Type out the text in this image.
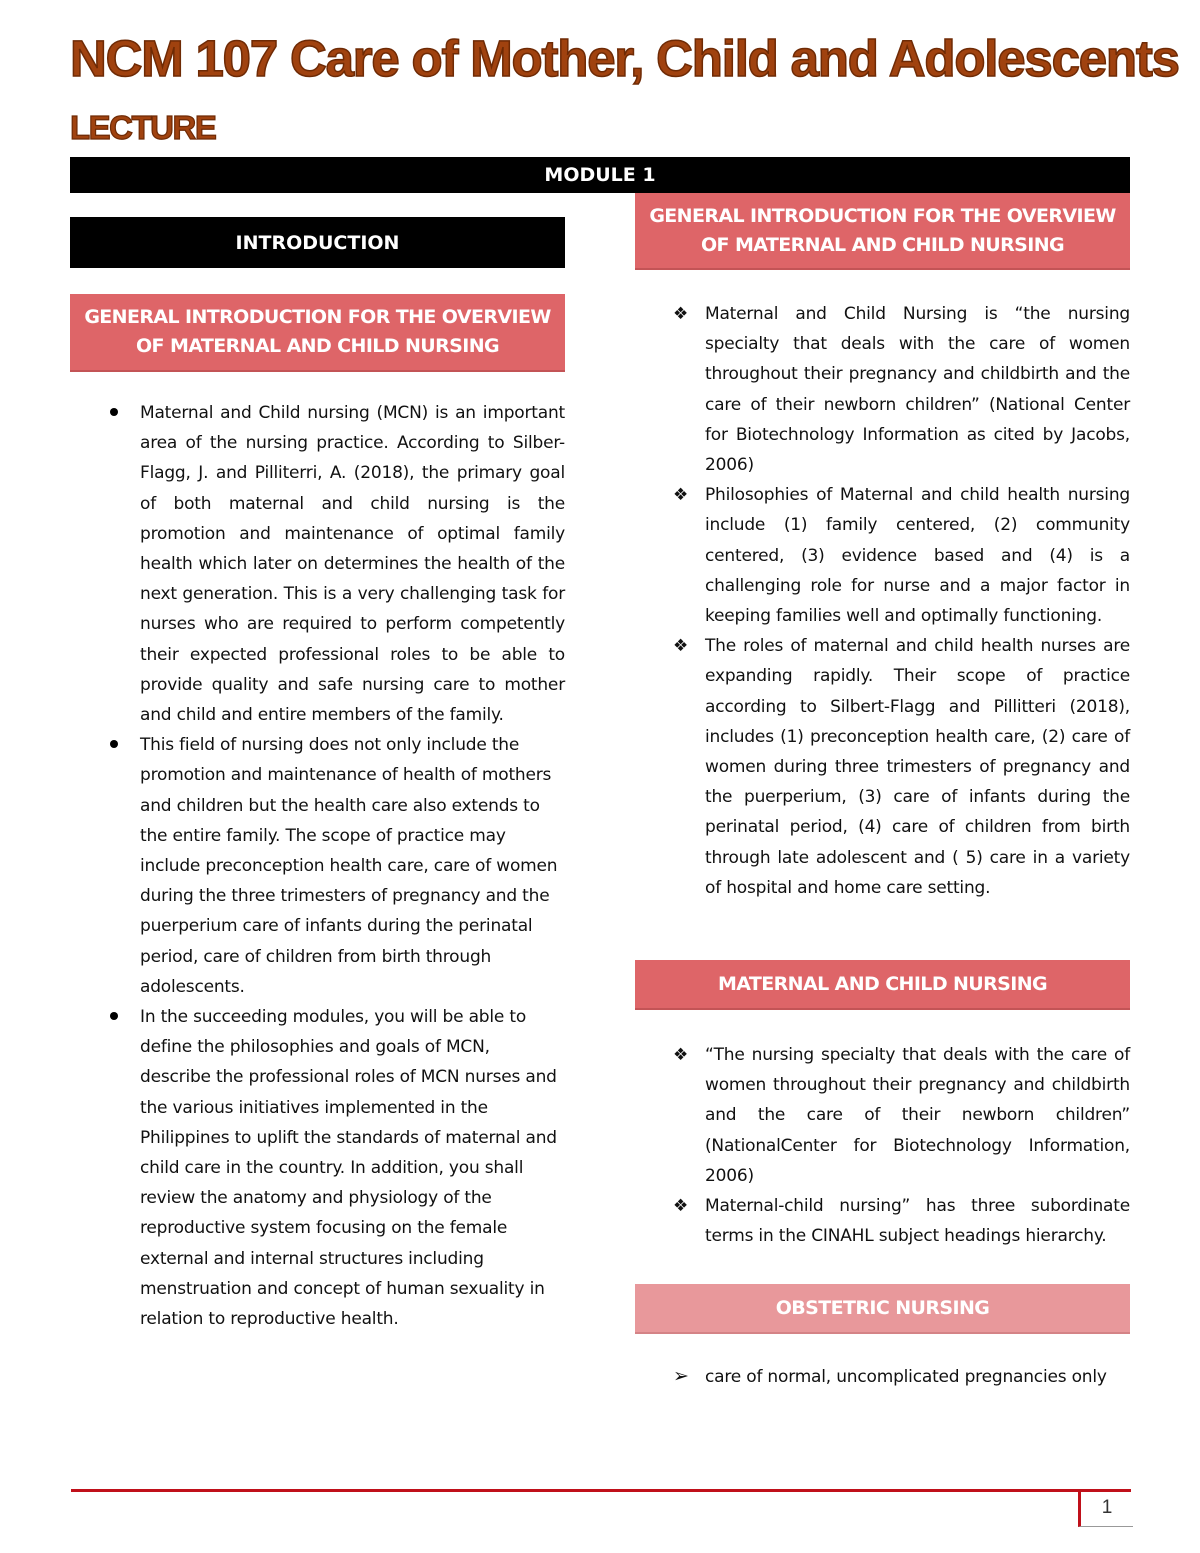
NCM 107 Care of Mother, Child and Adolescents
LECTURE
MODULE 1
INTRODUCTION
GENERAL INTRODUCTION FOR THE OVERVIEW OF MATERNAL AND CHILD NURSING
Maternal and Child nursing (MCN) is an important area of the nursing practice. According to Silber-Flagg, J. and Pilliterri, A. (2018), the primary goal of both maternal and child nursing is the promotion and maintenance of optimal family health which later on determines the health of the next generation. This is a very challenging task for nurses who are required to perform competently their expected professional roles to be able to provide quality and safe nursing care to mother and child and entire members of the family.
This field of nursing does not only include the promotion and maintenance of health of mothers and children but the health care also extends to the entire family. The scope of practice may include preconception health care, care of women during the three trimesters of pregnancy and the puerperium care of infants during the perinatal period, care of children from birth through adolescents.
In the succeeding modules, you will be able to define the philosophies and goals of MCN, describe the professional roles of MCN nurses and the various initiatives implemented in the Philippines to uplift the standards of maternal and child care in the country. In addition, you shall review the anatomy and physiology of the reproductive system focusing on the female external and internal structures including menstruation and concept of human sexuality in relation to reproductive health.
GENERAL INTRODUCTION FOR THE OVERVIEW OF MATERNAL AND CHILD NURSING
❖ Maternal and Child Nursing is “the nursing specialty that deals with the care of women throughout their pregnancy and childbirth and the care of their newborn children” (National Center for Biotechnology Information as cited by Jacobs, 2006)
❖ Philosophies of Maternal and child health nursing include (1) family centered, (2) community centered, (3) evidence based and (4) is a challenging role for nurse and a major factor in keeping families well and optimally functioning.
❖ The roles of maternal and child health nurses are expanding rapidly. Their scope of practice according to Silbert-Flagg and Pillitteri (2018), includes (1) preconception health care, (2) care of women during three trimesters of pregnancy and the puerperium, (3) care of infants during the perinatal period, (4) care of children from birth through late adolescent and ( 5) care in a variety of hospital and home care setting.
MATERNAL AND CHILD NURSING
❖ “The nursing specialty that deals with the care of women throughout their pregnancy and childbirth and the care of their newborn children” (NationalCenter for Biotechnology Information, 2006)
❖ Maternal-child nursing” has three subordinate terms in the CINAHL subject headings hierarchy.
OBSTETRIC NURSING
➢ care of normal, uncomplicated pregnancies only
1
